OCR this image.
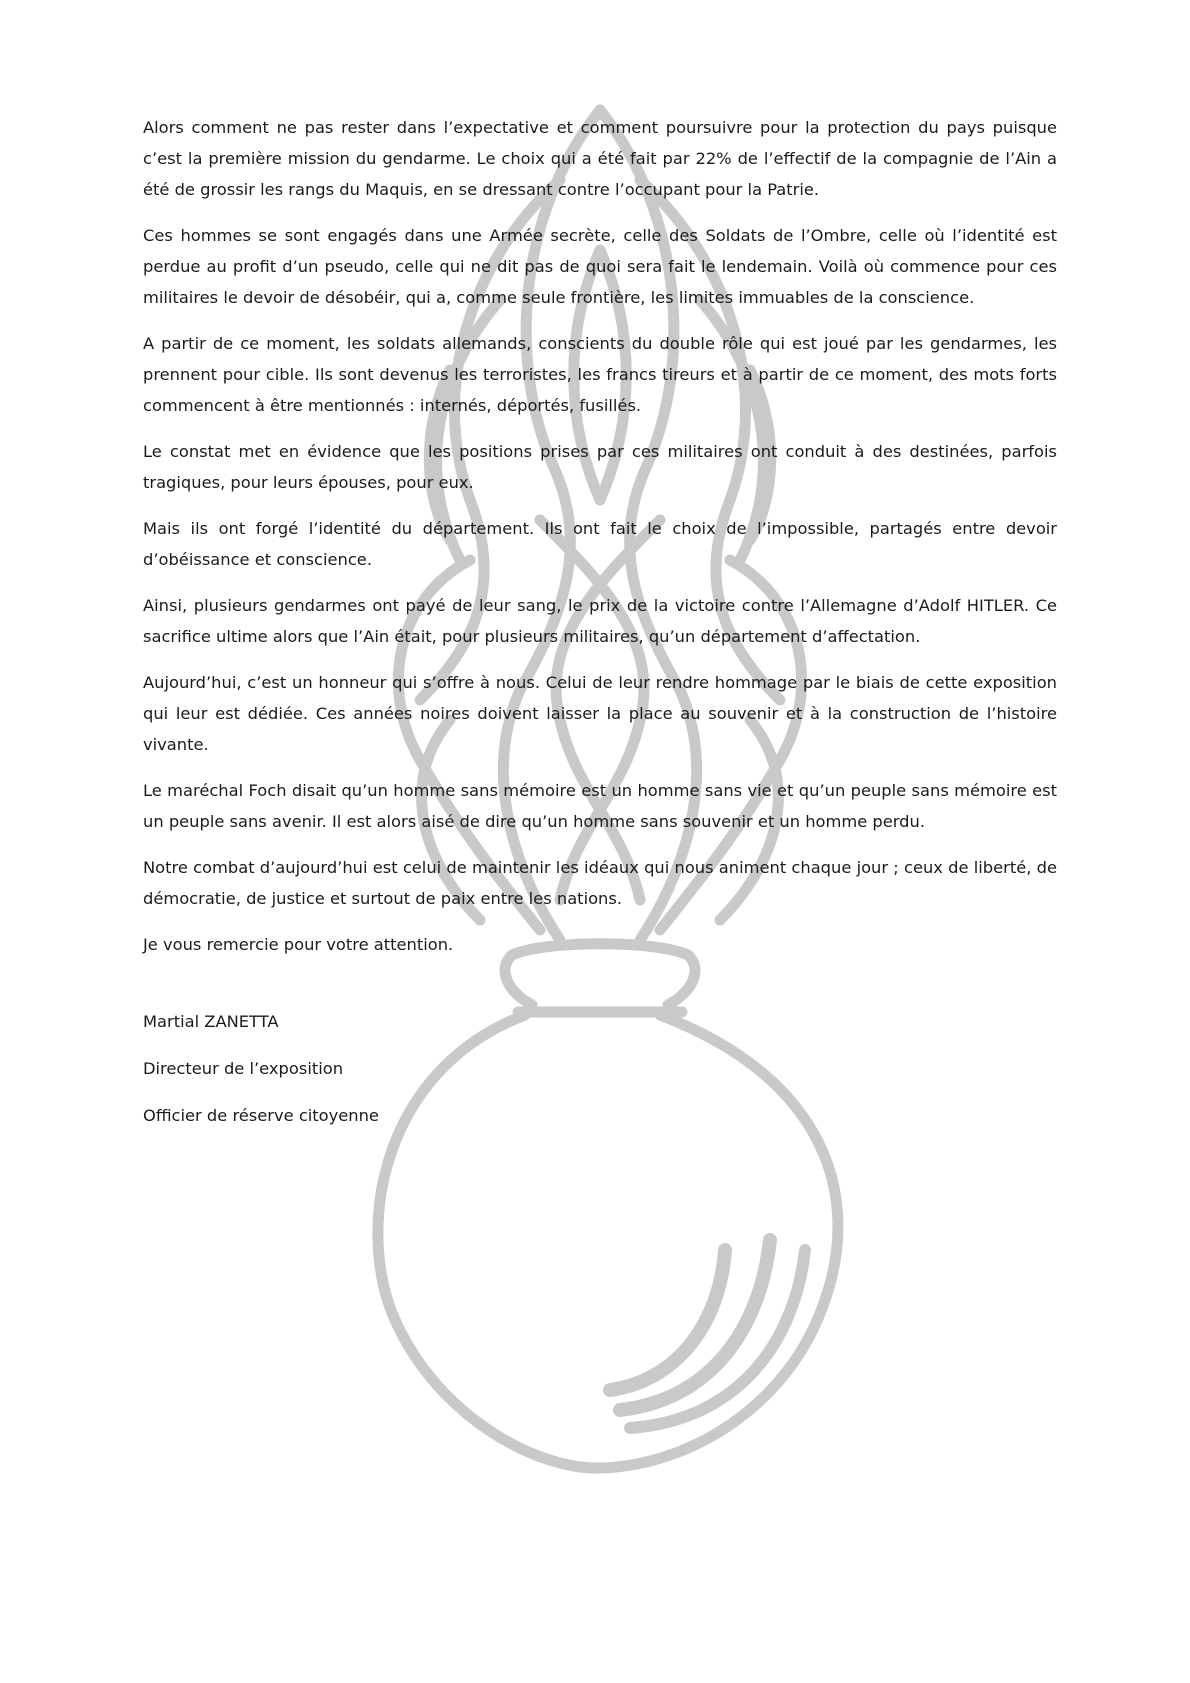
Alors comment ne pas rester dans l’expectative et comment poursuivre pour la protection du pays puisque c’est la première mission du gendarme. Le choix qui a été fait par 22% de l’effectif de la compagnie de l’Ain a été de grossir les rangs du Maquis, en se dressant contre l’occupant pour la Patrie.

Ces hommes se sont engagés dans une Armée secrète, celle des Soldats de l’Ombre, celle où l’identité est perdue au profit d’un pseudo, celle qui ne dit pas de quoi sera fait le lendemain. Voilà où commence pour ces militaires le devoir de désobéir, qui a, comme seule frontière, les limites immuables de la conscience.

A partir de ce moment, les soldats allemands, conscients du double rôle qui est joué par les gendarmes, les prennent pour cible. Ils sont devenus les terroristes, les francs tireurs et à partir de ce moment, des mots forts commencent à être mentionnés : internés, déportés, fusillés.

Le constat met en évidence que les positions prises par ces militaires ont conduit à des destinées, parfois tragiques, pour leurs épouses, pour eux.

Mais ils ont forgé l’identité du département. Ils ont fait le choix de l’impossible, partagés entre devoir d’obéissance et conscience.

Ainsi, plusieurs gendarmes ont payé de leur sang, le prix de la victoire contre l’Allemagne d’Adolf HITLER. Ce sacrifice ultime alors que l’Ain était, pour plusieurs militaires, qu’un département d’affectation.

Aujourd’hui, c’est un honneur qui s’offre à nous. Celui de leur rendre hommage par le biais de cette exposition qui leur est dédiée. Ces années noires doivent laisser la place au souvenir et à la construction de l’histoire vivante.

Le maréchal Foch disait qu’un homme sans mémoire est un homme sans vie et qu’un peuple sans mémoire est un peuple sans avenir. Il est alors aisé de dire qu’un homme sans souvenir et un homme perdu.

Notre combat d’aujourd’hui est celui de maintenir les idéaux qui nous animent chaque jour ; ceux de liberté, de démocratie, de justice et surtout de paix entre les nations.

Je vous remercie pour votre attention.

Martial ZANETTA

Directeur de l’exposition

Officier de réserve citoyenne
